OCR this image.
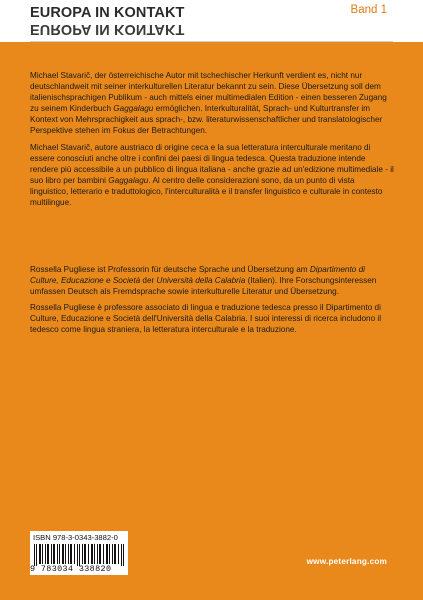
EUROPA IN KONTAKT
EUROPA IN KONTAKT
Band 1

Michael Stavarič, der österreichische Autor mit tschechischer Herkunft verdient es, nicht nur deutschlandweit mit seiner interkulturellen Literatur bekannt zu sein. Diese Übersetzung soll dem italienischsprachigen Publikum - auch mittels einer multimedialen Edition - einen besseren Zugang zu seinem Kinderbuch Gaggalagu ermöglichen. Interkulturalität, Sprach- und Kulturtransfer im Kontext von Mehrsprachigkeit aus sprach-, bzw. literaturwissenschaftlicher und translatologischer Perspektive stehen im Fokus der Betrachtungen.

Michael Stavarič, autore austriaco di origine ceca e la sua letteratura interculturale meritano di essere conosciuti anche oltre i confini dei paesi di lingua tedesca. Questa traduzione intende rendere più accessibile a un pubblico di lingua italiana - anche grazie ad un'edizione multimediale - il suo libro per bambini Gaggalagu. Al centro delle considerazioni sono, da un punto di vista linguistico, letterario e traduttologico, l'interculturalità e il transfer linguistico e culturale in contesto multilingue.

Rossella Pugliese ist Professorin für deutsche Sprache und Übersetzung am Dipartimento di Culture, Educazione e Società der Università della Calabria (Italien). Ihre Forschungsinteressen umfassen Deutsch als Fremdsprache sowie interkulturelle Literatur und Übersetzung.

Rossella Pugliese è professore associato di lingua e traduzione tedesca presso il Dipartimento di Culture, Educazione e Società dell'Università della Calabria. I suoi interessi di ricerca includono il tedesco come lingua straniera, la letteratura interculturale e la traduzione.

ISBN 978-3-0343-3882-0
9 783034 338820
www.peterlang.com
